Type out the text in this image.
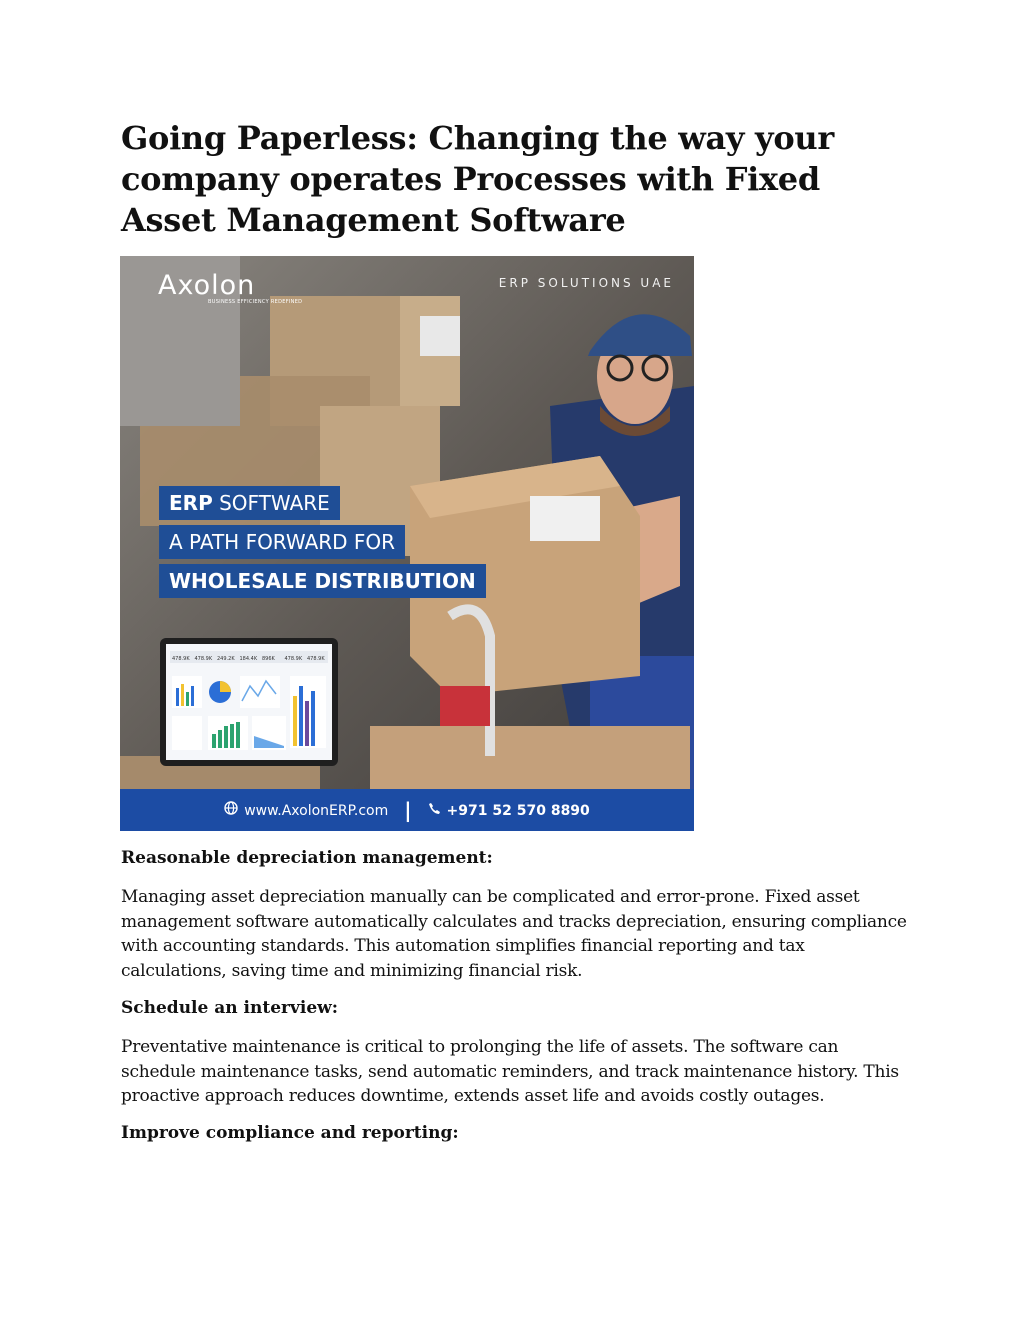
Going Paperless: Changing the way your company operates Processes with Fixed Asset Management Software
478.9K 478.9K 249.2K 184.4K 896K 478.9K 478.9K
Axolon
BUSINESS EFFICIENCY REDEFINED
ERP SOLUTIONS UAE
ERP SOFTWARE
A PATH FORWARD FOR
WHOLESALE DISTRIBUTION
www.AxolonERP.com |	+971 52 570 8890
Reasonable depreciation management:

Managing asset depreciation manually can be complicated and error-prone. Fixed asset management software automatically calculates and tracks depreciation, ensuring compliance with accounting standards. This automation simplifies financial reporting and tax calculations, saving time and minimizing financial risk.

Schedule an interview:

Preventative maintenance is critical to prolonging the life of assets. The software can schedule maintenance tasks, send automatic reminders, and track maintenance history. This proactive approach reduces downtime, extends asset life and avoids costly outages.

Improve compliance and reporting:
